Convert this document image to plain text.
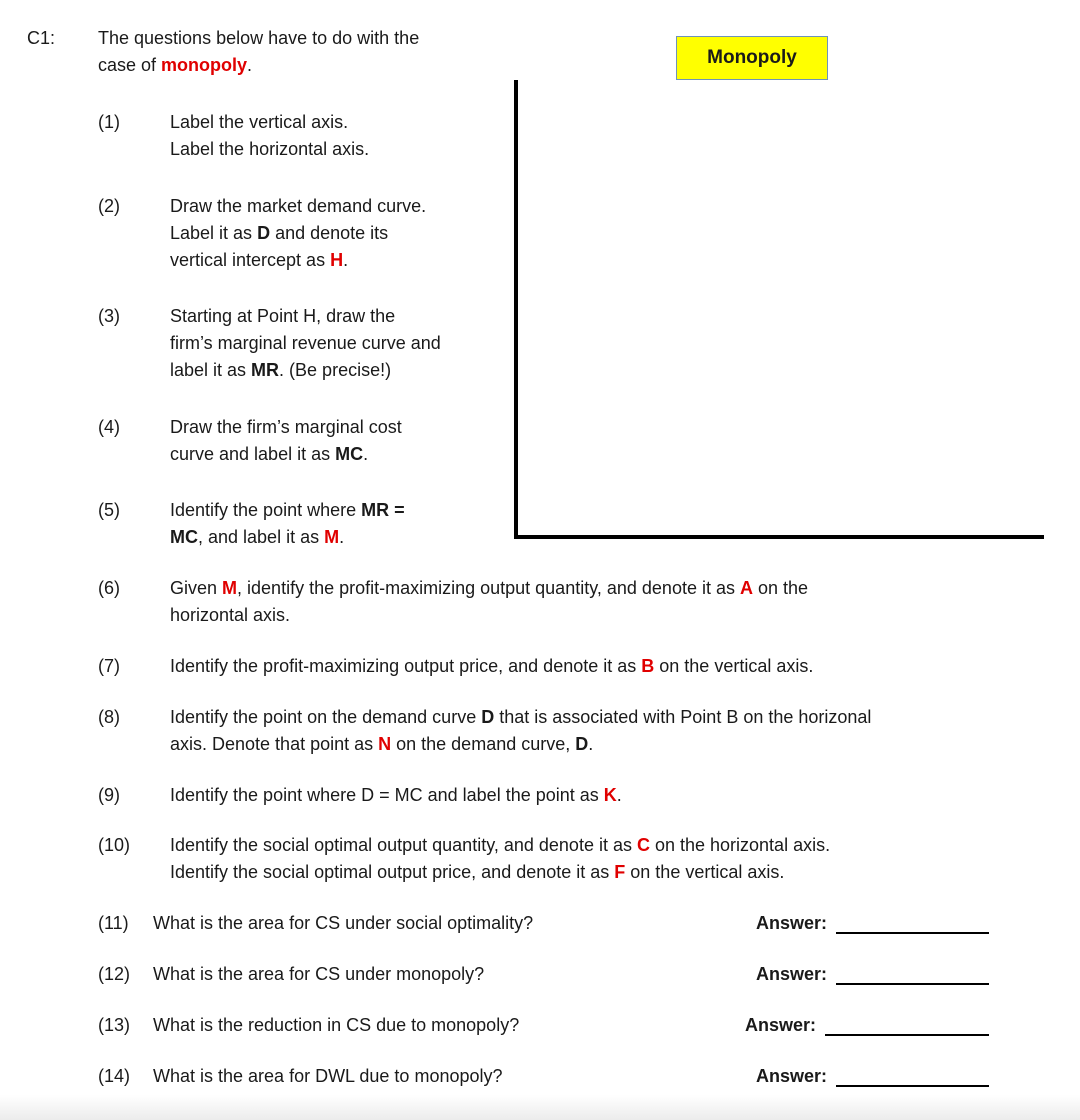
C1: The questions below have to do with the
case of monopoly.	Monopoly
(1)	Label the vertical axis.
Label the horizontal axis.
(2)	Draw the market demand curve.
Label it as D and denote its
vertical intercept as H.
(3)	Starting at Point H, draw the
firm’s marginal revenue curve and
label it as MR. (Be precise!)
(4)	Draw the firm’s marginal cost
curve and label it as MC.
(5)	Identify the point where MR =
MC, and label it as M.
(6)	Given M, identify the profit-maximizing output quantity, and denote it as A on the
horizontal axis.
(7)	Identify the profit-maximizing output price, and denote it as B on the vertical axis.
(8)	Identify the point on the demand curve D that is associated with Point B on the horizonal
axis. Denote that point as N on the demand curve, D.
(9)	Identify the point where D = MC and label the point as K.
(10) Identify the social optimal output quantity, and denote it as C on the horizontal axis.
Identify the social optimal output price, and denote it as F on the vertical axis.
(11) What is the area for CS under social optimality?	Answer:
(12) What is the area for CS under monopoly?	Answer:
(13) What is the reduction in CS due to monopoly?	Answer:
(14) What is the area for DWL due to monopoly?	Answer:
